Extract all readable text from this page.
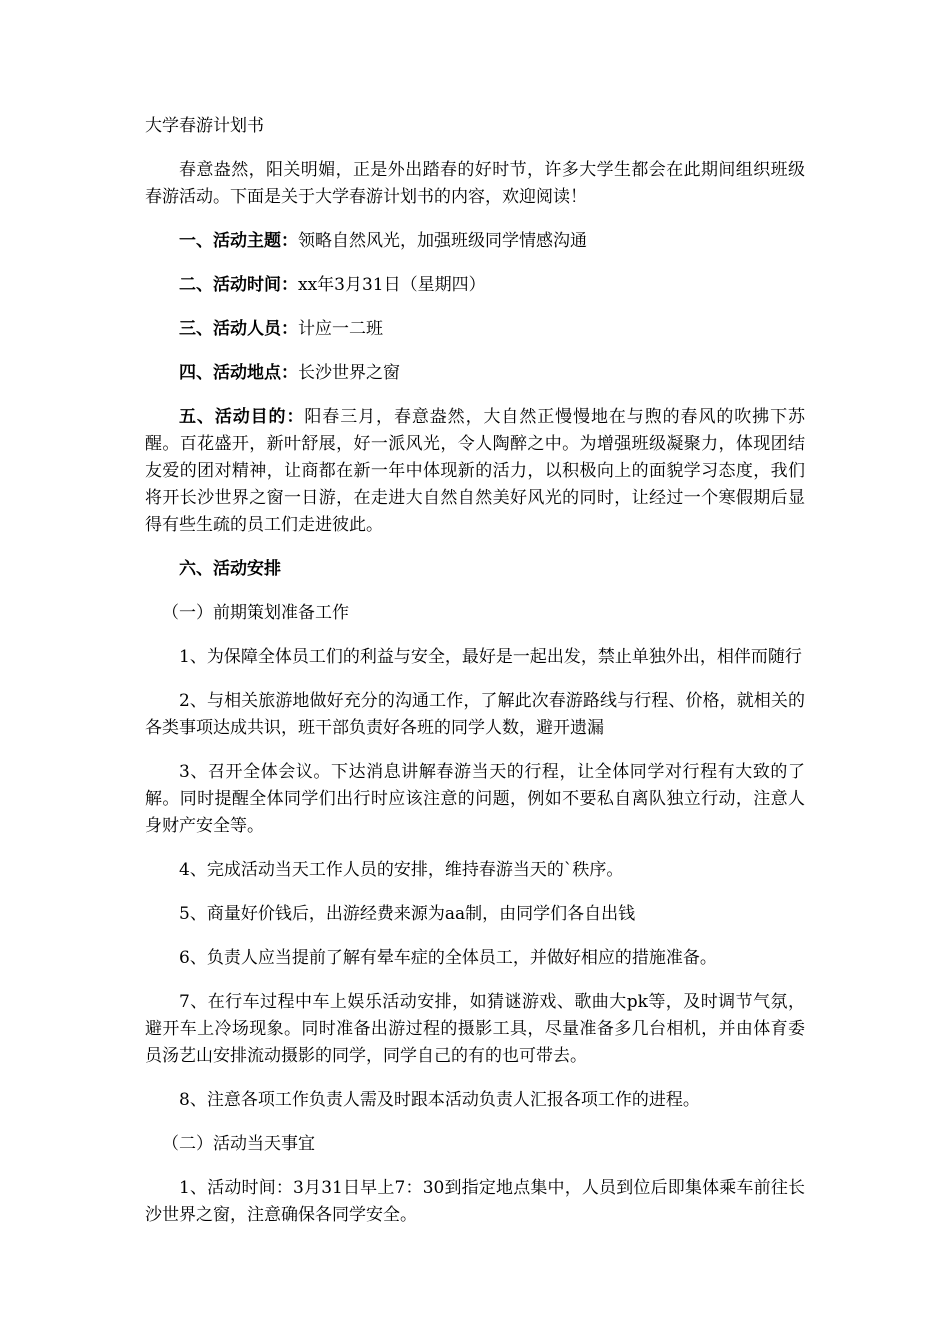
大学春游计划书

春意盎然，阳关明媚，正是外出踏春的好时节，许多大学生都会在此期间组织班级春游活动。下面是关于大学春游计划书的内容，欢迎阅读！

一、活动主题：领略自然风光，加强班级同学情感沟通

二、活动时间：xx年3月31日（星期四）

三、活动人员：计应一二班

四、活动地点：长沙世界之窗

五、活动目的：阳春三月，春意盎然，大自然正慢慢地在与煦的春风的吹拂下苏醒。百花盛开，新叶舒展，好一派风光，令人陶醉之中。为增强班级凝聚力，体现团结友爱的团对精神，让商都在新一年中体现新的活力，以积极向上的面貌学习态度，我们将开长沙世界之窗一日游，在走进大自然自然美好风光的同时，让经过一个寒假期后显得有些生疏的员工们走进彼此。

六、活动安排

（一）前期策划准备工作

1、为保障全体员工们的利益与安全，最好是一起出发，禁止单独外出，相伴而随行

2、与相关旅游地做好充分的沟通工作，了解此次春游路线与行程、价格，就相关的各类事项达成共识，班干部负责好各班的同学人数，避开遗漏

3、召开全体会议。下达消息讲解春游当天的行程，让全体同学对行程有大致的了解。同时提醒全体同学们出行时应该注意的问题，例如不要私自离队独立行动，注意人身财产安全等。

4、完成活动当天工作人员的安排，维持春游当天的`秩序。

5、商量好价钱后，出游经费来源为aa制，由同学们各自出钱

6、负责人应当提前了解有晕车症的全体员工，并做好相应的措施准备。

7、在行车过程中车上娱乐活动安排，如猜谜游戏、歌曲大pk等，及时调节气氛，避开车上冷场现象。同时准备出游过程的摄影工具，尽量准备多几台相机，并由体育委员汤艺山安排流动摄影的同学，同学自己的有的也可带去。

8、注意各项工作负责人需及时跟本活动负责人汇报各项工作的进程。

（二）活动当天事宜

1、活动时间：3月31日早上7：30到指定地点集中，人员到位后即集体乘车前往长沙世界之窗，注意确保各同学安全。
